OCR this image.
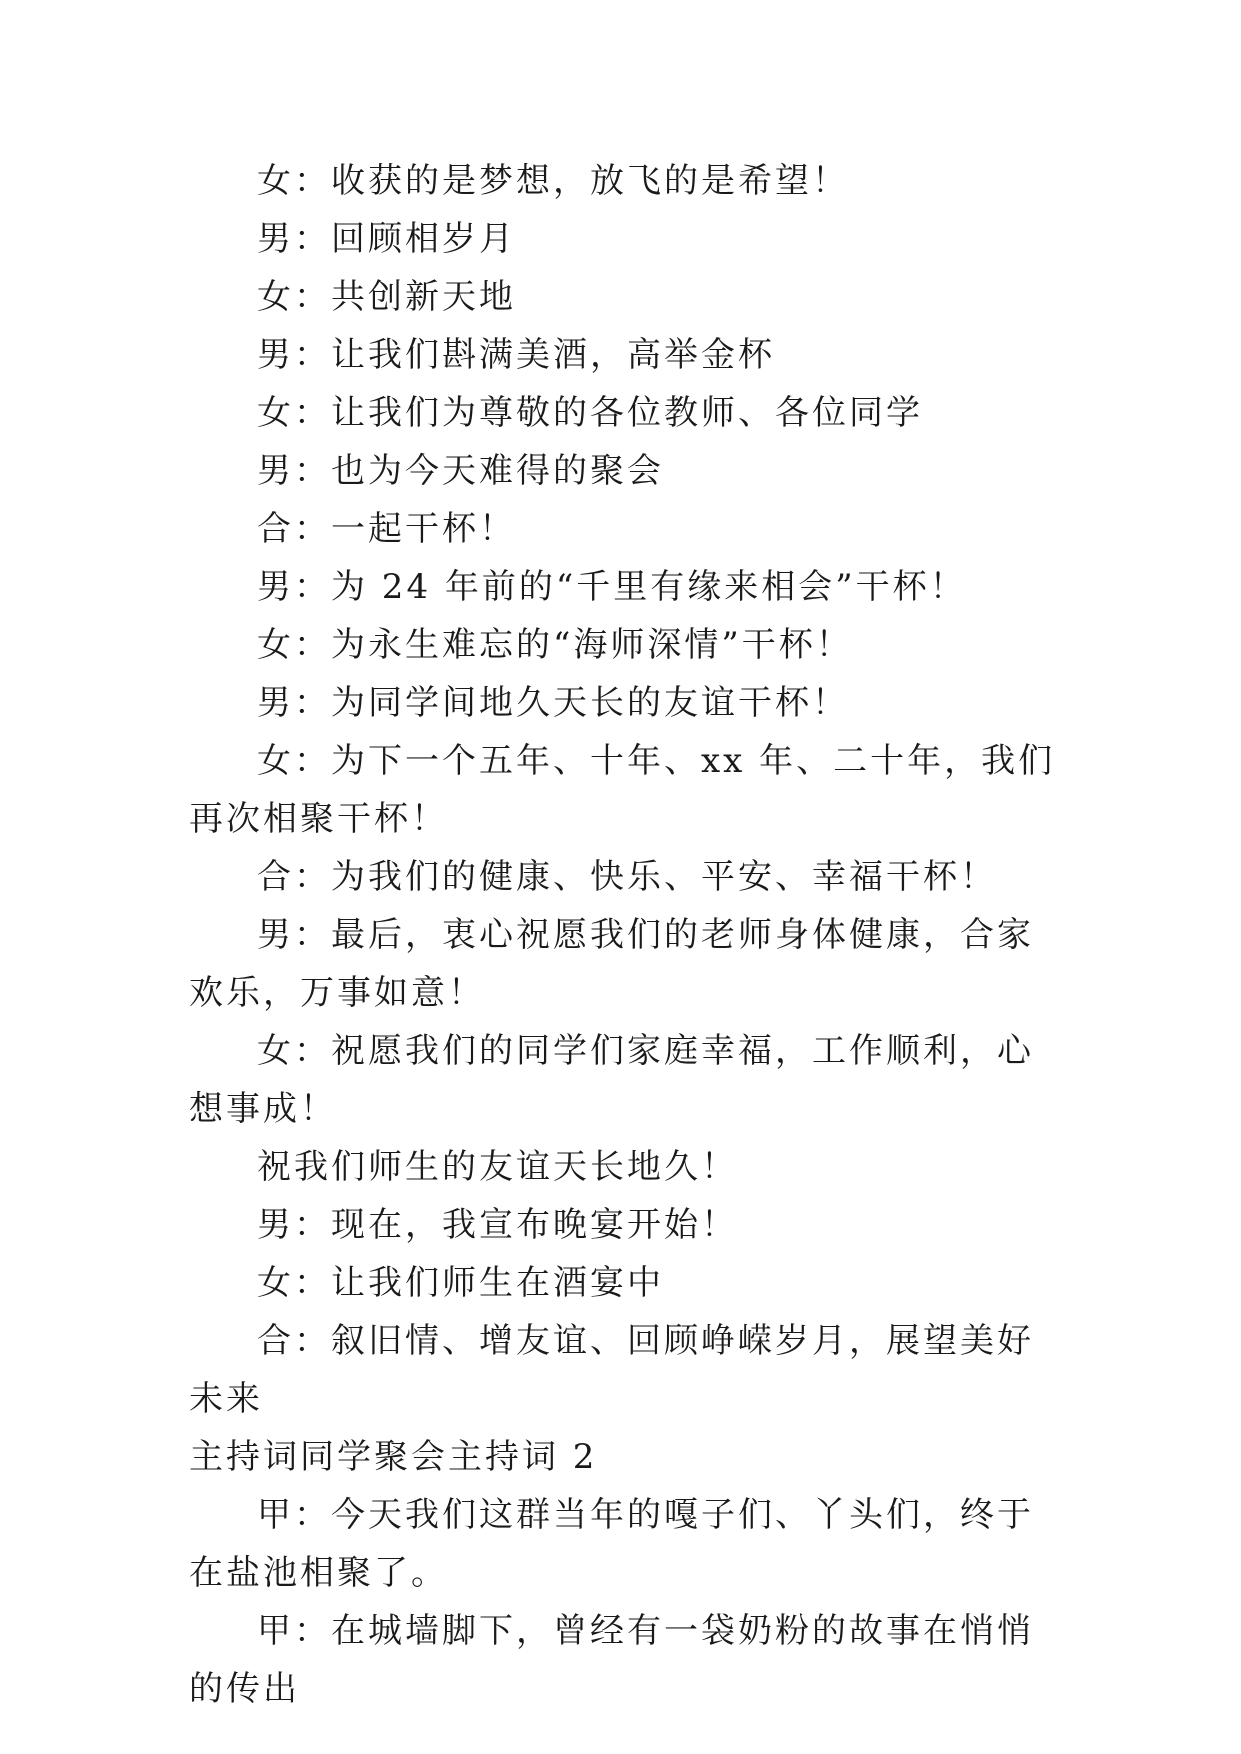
女：收获的是梦想，放飞的是希望！

男：回顾相岁月

女：共创新天地

男：让我们斟满美酒，高举金杯

女：让我们为尊敬的各位教师、各位同学

男：也为今天难得的聚会

合：一起干杯！

男：为 24 年前的“千里有缘来相会”干杯！

女：为永生难忘的“海师深情”干杯！

男：为同学间地久天长的友谊干杯！

女：为下一个五年、十年、xx 年、二十年，我们再次相聚干杯！

合：为我们的健康、快乐、平安、幸福干杯！

男：最后，衷心祝愿我们的老师身体健康，合家欢乐，万事如意！

女：祝愿我们的同学们家庭幸福，工作顺利，心想事成！

祝我们师生的友谊天长地久！

男：现在，我宣布晚宴开始！

女：让我们师生在酒宴中

合：叙旧情、增友谊、回顾峥嵘岁月，展望美好未来

主持词同学聚会主持词 2

甲：今天我们这群当年的嘎子们、丫头们，终于在盐池相聚了。

甲：在城墙脚下，曾经有一袋奶粉的故事在悄悄的传出
